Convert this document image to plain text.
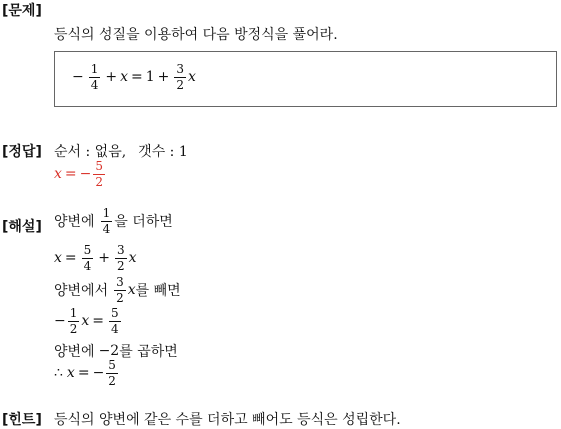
[문제]
등식의 성질을 이용하여 다음 방정식을 풀어라.
− $\frac{1}{4} + x = 1 + \frac{3}{2}$ x
[정답] 순서 : 없음, 갯수 : 1
x = − $\frac{5}{2}$
[해설] 양변에 $\frac{1}{4}$ 을 더하면
$x = \frac{5}{4} + \frac{3}{2}$ x
양변에서 $\frac{3}{2}$ x 를 빼면
− $\frac{1}{2}$ $x = \frac{5}{4}$
양변에 −2 를 곱하면
∴ x = − $\frac{5}{2}$
[힌트] 등식의 양변에 같은 수를 더하고 빼어도 등식은 성립한다.
